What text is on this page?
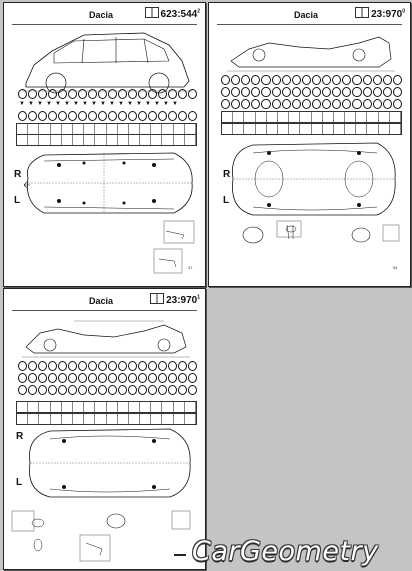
Dacia	$623:544^2$
▼ ▼ ▼ ▼ ▼ ▼ ▼ ▼ ▼ ▼ ▼ ▼ ▼ ▼ ▼ ▼ ▼ ▼
R
L
37
Dacia	$23:970^0$
R
L
54
Dacia	$23:970^1$
R
L
CarGeometry
